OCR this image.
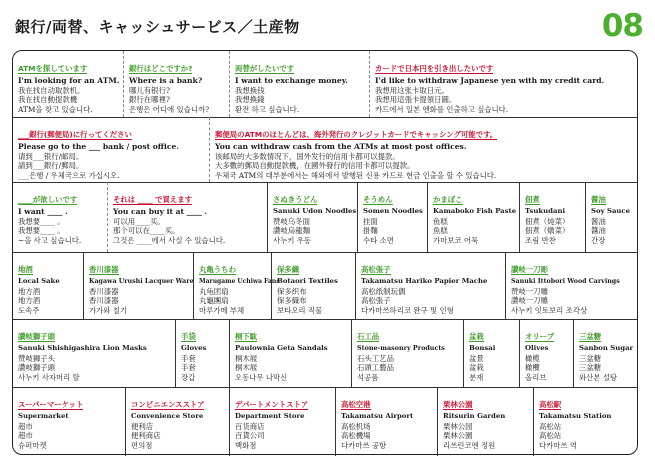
銀行/両替、キャッシュサービス／土産物	08
ATMを探しています
I'm looking for an ATM.
我在找自动取款机。
我在找自動提款機
ATM을 찾고 있습니다.
銀行はどこですか?
Where is a bank?
哪儿有银行?
銀行在哪裡?
은행은 어디에 있습니까?
両替がしたいです
I want to exchange money.
我想换钱
我想換錢
환전 하고 싶습니다.
カードで日本円を引き出したいです
I'd like to withdraw Japanese yen with my credit card.
我想用这张卡取日元。
我想用這張卡提領日圓。
카드에서 일본 엔화를 인출하고 싶습니다.
___銀行(郵便局)に行ってください
Please go to the ___ bank / post office.
请到___银行/邮局。
請到___銀行/郵局。
___은행 / 우체국으로 가십시오.
郵便局のATMのほとんどは、海外発行のクレジットカードでキャッシング可能です。
You can withdraw cash from the ATMs at most post offices.
该邮局的大多数情况下，国外发行的信用卡都可以提款。
大多數的郵局自動提款機，在國外發行的信用卡都可以提款。
우체국 ATM의 대부분에서는 해외에서 발행된 신용 카드로 현금 인출을 할 수 있습니다.
____が欲しいです
I want ____ .
我想要____ 。
我想要____ 。
~을 사고 싶습니다.
それは ____ で買えます
You can buy it at ____ .
可以用____买。
那个可以在____买。
그것은 ____에서 사실 수 있습니다.
さぬきうどん
Sanuki Udon Noodles
赞岐乌冬面
讚岐烏龍麵
사누키 우동
そうめん
Somen Noodles
挂面
掛麵
수타 소면
かまぼこ
Kamaboko Fish Paste
鱼糕
魚糕
가마보코 어묵
佃煮
Tsukudani
佃煮（炖菜）
佃煮（燉菜）
조림 반찬
醤油
Soy Sauce
酱油
醬油
간장
地酒
Local Sake
地方酒
地方酒
도속주
香川漆器
Kagawa Urushi Lacquer Ware
香川漆器
香川漆器
가가와 칠기
丸亀うちわ
Marugame Uchiwa Fans
丸龟团扇
丸龜團扇
마루가메 부채
保多織
Botaori Textiles
保多织布
保多織布
보타오리 직물
高松張子
Takamatsu Hariko Papier Mache
高松纸制玩偶
高松張子
다카마쓰하리코 완구 및 인형
讃岐一刀彫
Sanuki Ittobori Wood Carvings
赞岐一刀雕
讚岐一刀雕
사누키 잇토보리 조각상
讃岐獅子頭
Sanuki Shishigashira Lion Masks
赞岐狮子头
讚岐獅子頭
사누키 사자머리 탈
手袋
Gloves
手套
手套
장갑
桐下駄
Paulownia Geta Sandals
桐木屐
桐木屐
오동나무 나막신
石工品
Stone-masonry Products
石头工艺品
石頭工藝品
석공품
盆栽
Bonsai
盆景
盆栽
분재
オリーブ
Olives
橄榄
橄欖
올리브
三盆糖
Sanbon Sugar
三盆糖
三盆糖
와산본 설탕
スーパーマーケット
Supermarket
超市
超市
슈퍼마켓
コンビニエンスストア
Convenience Store
便利店
便利商店
편의점
デパートメントストア
Department Store
百货商店
百貨公司
백화점
高松空港
Takamatsu Airport
高松机场
高松機場
다카마쓰 공항
栗林公園
Ritsurin Garden
栗林公园
栗林公園
리쓰린코엔 정원
高松駅
Takamatsu Station
高松站
高松站
다카마쓰 역
